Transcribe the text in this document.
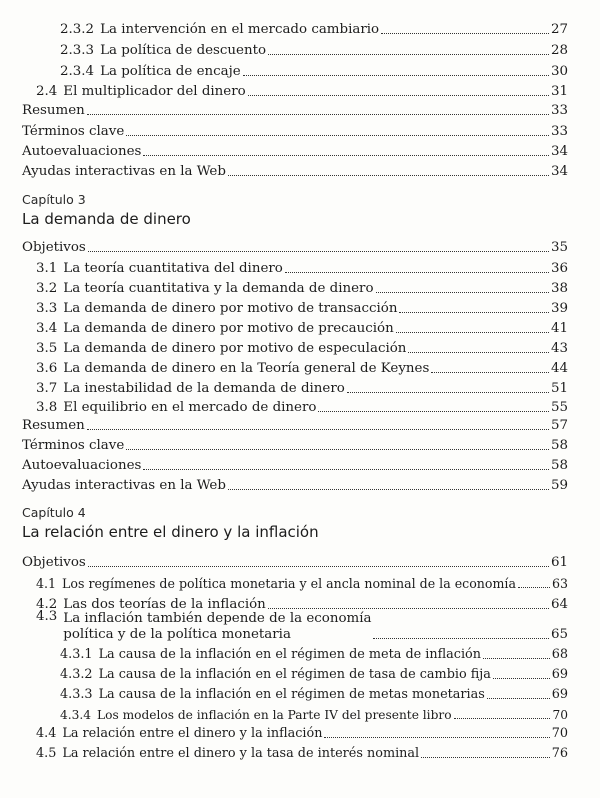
2.3.2 La intervención en el mercado cambiario	27
2.3.3 La política de descuento	28
2.3.4 La política de encaje	30
2.4 El multiplicador del dinero	31
Resumen	33
Términos clave	33
Autoevaluaciones	34
Ayudas interactivas en la Web	34
Capítulo 3
La demanda de dinero
Objetivos	35
3.1 La teoría cuantitativa del dinero	36
3.2 La teoría cuantitativa y la demanda de dinero	38
3.3 La demanda de dinero por motivo de transacción	39
3.4 La demanda de dinero por motivo de precaución	41
3.5 La demanda de dinero por motivo de especulación	43
3.6 La demanda de dinero en la Teoría general de Keynes	44
3.7 La inestabilidad de la demanda de dinero	51
3.8 El equilibrio en el mercado de dinero	55
Resumen	57
Términos clave	58
Autoevaluaciones	58
Ayudas interactivas en la Web	59
Capítulo 4
La relación entre el dinero y la inflación
Objetivos	61
4.1 Los regímenes de política monetaria y el ancla nominal de la economía	63
4.2 Las dos teorías de la inflación	64
4.3 La inflación también depende de la economía
política y de la política monetaria	65
4.3.1 La causa de la inflación en el régimen de meta de inflación	68
4.3.2 La causa de la inflación en el régimen de tasa de cambio fija	69
4.3.3 La causa de la inflación en el régimen de metas monetarias	69
4.3.4 Los modelos de inflación en la Parte IV del presente libro	70
4.4 La relación entre el dinero y la inflación	70
4.5 La relación entre el dinero y la tasa de interés nominal	76
